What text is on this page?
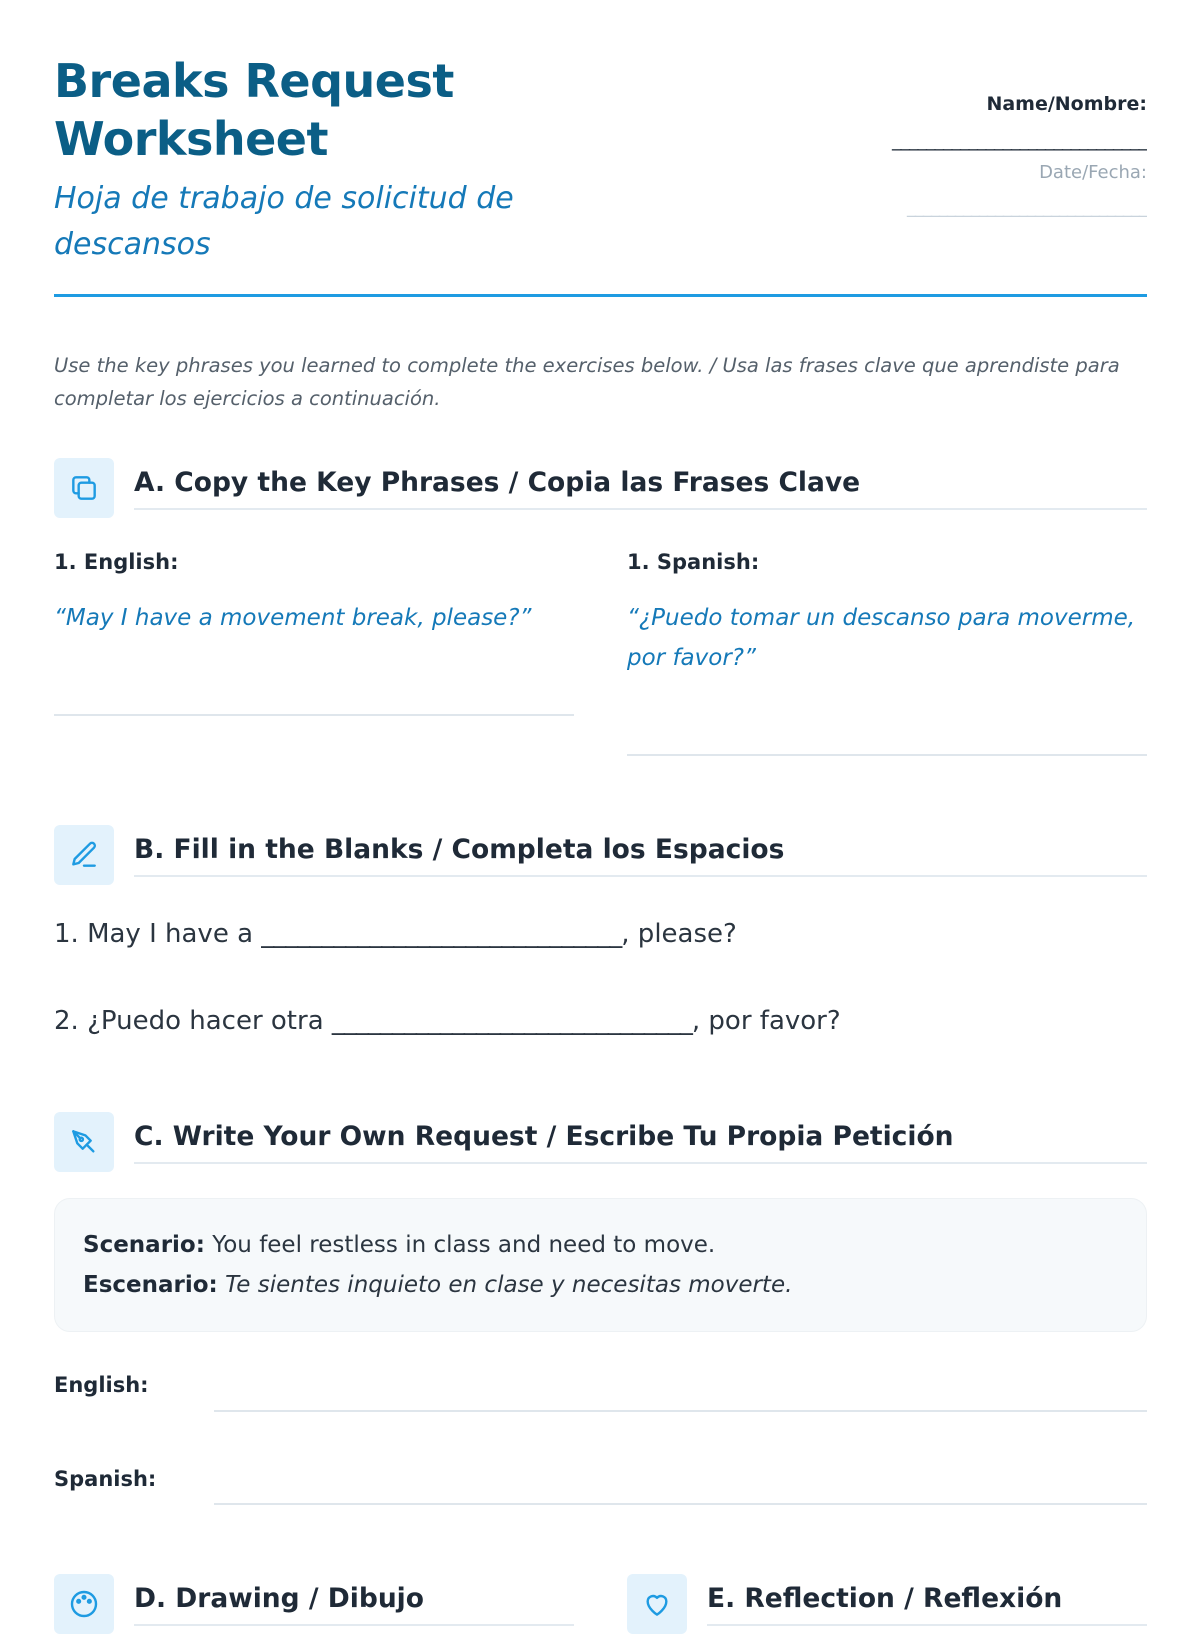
Breaks Request Worksheet

Hoja de trabajo de solicitud de descansos

Name/Nombre:
______________________________
Date/Fecha:
______________________________

Use the key phrases you learned to complete the exercises below. / Usa las frases clave que aprendiste para completar los ejercicios a continuación.

A. Copy the Key Phrases / Copia las Frases Clave
1. English:
“May I have a movement break, please?”
1. Spanish:
“¿Puedo tomar un descanso para moverme, por favor?”
B. Fill in the Blanks / Completa los Espacios
1. May I have a ______________________________, please?
2. ¿Puedo hacer otra ______________________________, por favor?
C. Write Your Own Request / Escribe Tu Propia Petición
Scenario: You feel restless in class and need to move.
Escenario: Te sientes inquieto en clase y necesitas moverte.
English:
Spanish:
D. Drawing / Dibujo	E. Reflection / Reflexión
